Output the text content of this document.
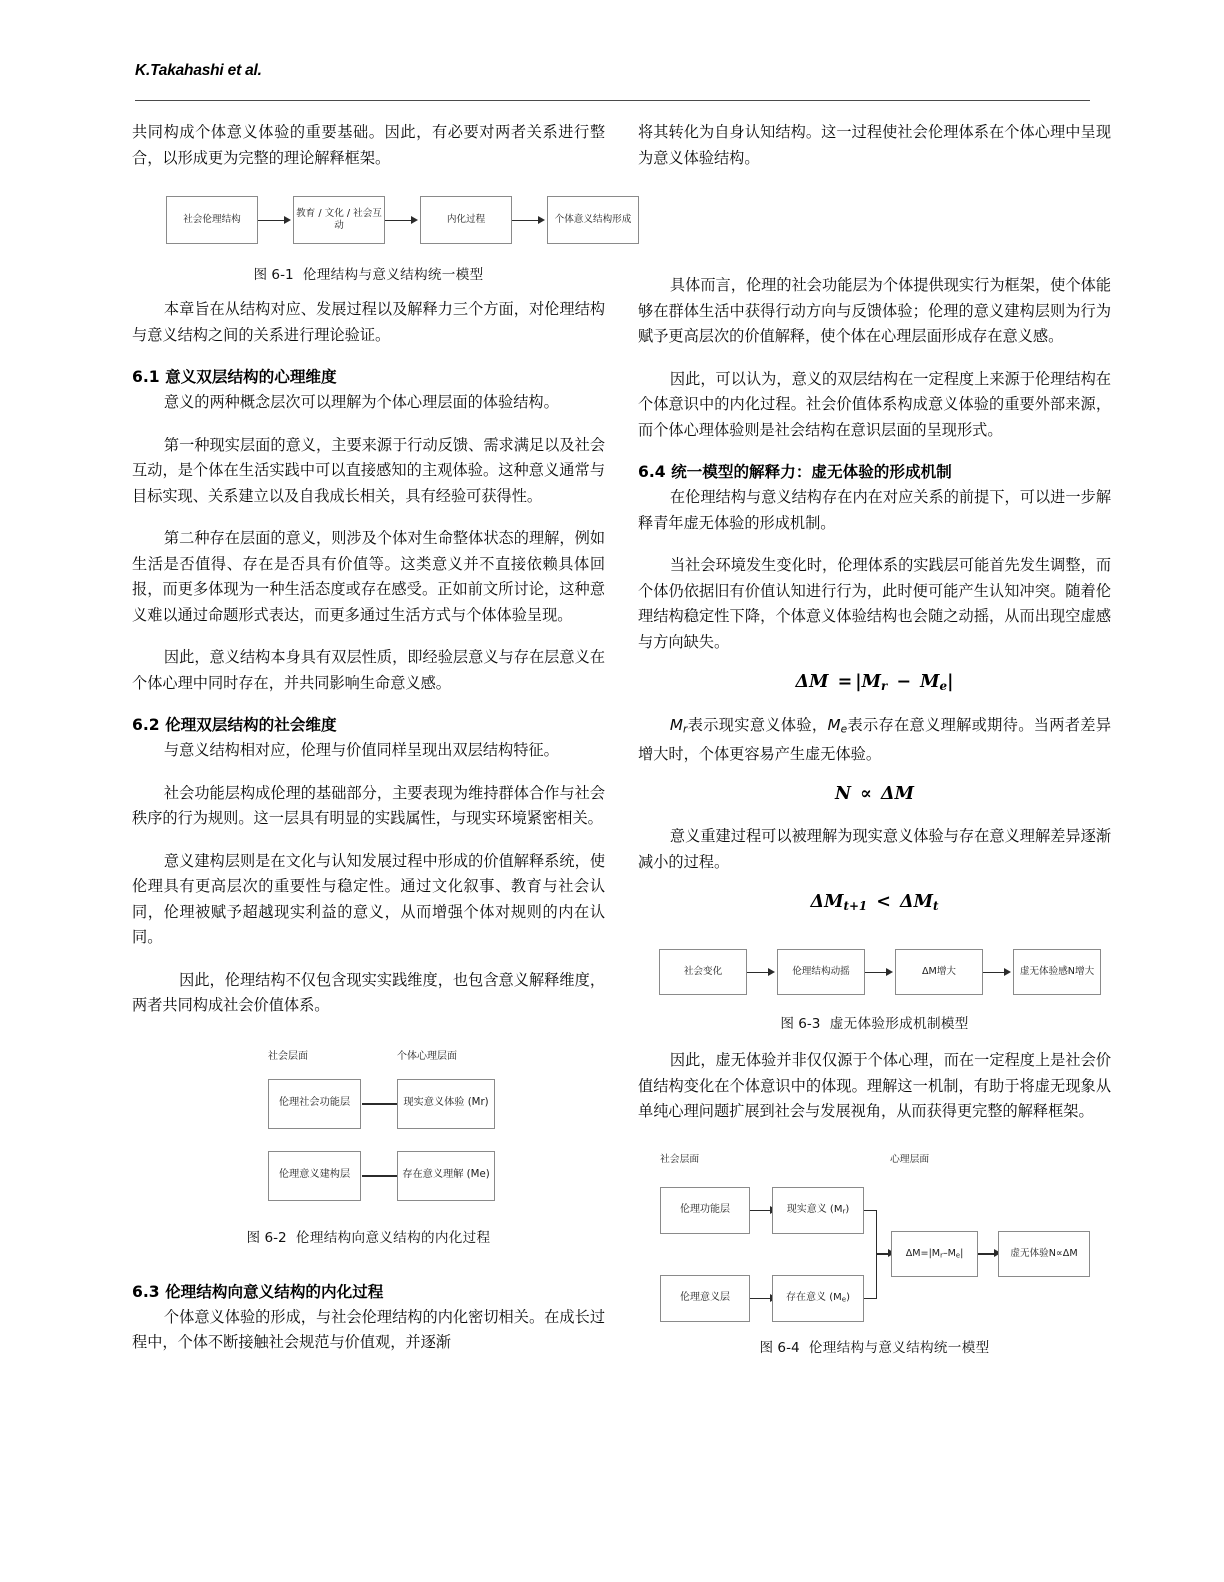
K.Takahashi et al.

共同构成个体意义体验的重要基础。因此，有必要对两者关系进行整合，以形成更为完整的理论解释框架。

社会伦理结构
教育 / 文化 / 社会互动
内化过程	个体意义结构形成
图 6-1 伦理结构与意义结构统一模型

本章旨在从结构对应、发展过程以及解释力三个方面，对伦理结构与意义结构之间的关系进行理论验证。

6.1 意义双层结构的心理维度

意义的两种概念层次可以理解为个体心理层面的体验结构。

第一种现实层面的意义，主要来源于行动反馈、需求满足以及社会互动，是个体在生活实践中可以直接感知的主观体验。这种意义通常与目标实现、关系建立以及自我成长相关，具有经验可获得性。

第二种存在层面的意义，则涉及个体对生命整体状态的理解，例如生活是否值得、存在是否具有价值等。这类意义并不直接依赖具体回报，而更多体现为一种生活态度或存在感受。正如前文所讨论，这种意义难以通过命题形式表达，而更多通过生活方式与个体体验呈现。

因此，意义结构本身具有双层性质，即经验层意义与存在层意义在个体心理中同时存在，并共同影响生命意义感。

6.2 伦理双层结构的社会维度

与意义结构相对应，伦理与价值同样呈现出双层结构特征。

社会功能层构成伦理的基础部分，主要表现为维持群体合作与社会秩序的行为规则。这一层具有明显的实践属性，与现实环境紧密相关。

意义建构层则是在文化与认知发展过程中形成的价值解释系统，使伦理具有更高层次的重要性与稳定性。通过文化叙事、教育与社会认同，伦理被赋予超越现实利益的意义，从而增强个体对规则的内在认同。

因此，伦理结构不仅包含现实实践维度，也包含意义解释维度，两者共同构成社会价值体系。

社会层面	个体心理层面
伦理社会功能层	现实意义体验 (Mr)
伦理意义建构层	存在意义理解 (Me)
图 6-2 伦理结构向意义结构的内化过程
6.3 伦理结构向意义结构的内化过程

个体意义体验的形成，与社会伦理结构的内化密切相关。在成长过程中，个体不断接触社会规范与价值观，并逐渐

将其转化为自身认知结构。这一过程使社会伦理体系在个体心理中呈现为意义体验结构。

具体而言，伦理的社会功能层为个体提供现实行为框架，使个体能够在群体生活中获得行动方向与反馈体验；伦理的意义建构层则为行为赋予更高层次的价值解释，使个体在心理层面形成存在意义感。

因此，可以认为，意义的双层结构在一定程度上来源于伦理结构在个体意识中的内化过程。社会价值体系构成意义体验的重要外部来源，而个体心理体验则是社会结构在意识层面的呈现形式。

6.4 统一模型的解释力：虚无体验的形成机制

在伦理结构与意义结构存在内在对应关系的前提下，可以进一步解释青年虚无体验的形成机制。

当社会环境发生变化时，伦理体系的实践层可能首先发生调整，而个体仍依据旧有价值认知进行行为，此时便可能产生认知冲突。随着伦理结构稳定性下降，个体意义体验结构也会随之动摇，从而出现空虚感与方向缺失。

$\Delta M = |M_r - M_e|$

$M_r$表示现实意义体验，$M_e$表示存在意义理解或期待。当两者差异增大时，个体更容易产生虚无体验。

N ∝ ΔM

意义重建过程可以被理解为现实意义体验与存在意义理解差异逐渐减小的过程。

$\Delta M_{t+1} < \Delta M_t$
社会变化	伦理结构动摇	ΔM增大	虚无体验感N增大
图 6-3 虚无体验形成机制模型

因此，虚无体验并非仅仅源于个体心理，而在一定程度上是社会价值结构变化在个体意识中的体现。理解这一机制，有助于将虚无现象从单纯心理问题扩展到社会与发展视角，从而获得更完整的解释框架。

社会层面	心理层面
伦理功能层	现实意义 $(M_r)$
伦理意义层	存在意义 $(M_e)$
$\Delta M=|M_r-M_e|$	虚无体验N∝ΔM
图 6-4 伦理结构与意义结构统一模型
